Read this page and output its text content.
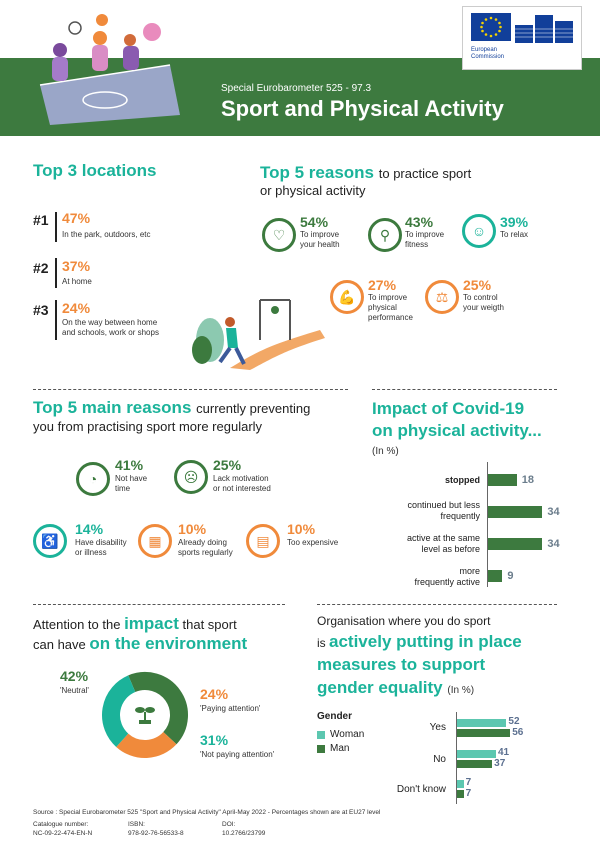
European
Commission
Special Eurobarometer 525 - 97.3
Sport and Physical Activity
Top 3 locations
#1 47%
In the park, outdoors, etc
#2 37%
At home
#3 24%
On the way between home
and schools, work or shops
Top 5 reasons to practice sport
or physical activity
♡
54%
To improve
your health
⚲
43%
To improve
fitness
☺
39%
To relax
💪
27%
To improve
physical
performance
⚖
25%
To control
your weigth
Top 5 main reasons currently preventing
you from practising sport more regularly
◔
41%
Not have
time
☹
25%
Lack motivation
or not interested
♿
14%
Have disability
or illness
▦
10%
Already doing
sports regularly
▤
10%
Too expensive
Impact of Covid-19
on physical activity...
(In %)
stopped	18
continued but less
frequently	34
active at the same
level as before	34
more
frequently active 9
Attention to the impact that sport
can have on the environment
42%
'Neutral'	24%
'Paying attention'
31%
'Not paying attention'
Organisation where you do sport
is actively putting in place
measures to support
gender equality (In %)
Gender
Woman
Man
Yes
52
56
No
41
37
Don't know
7
7
Source : Special Eurobarometer 525 "Sport and Physical Activity" April-May 2022 - Percentages shown are at EU27 level
Catalogue number:
NC-09-22-474-EN-N
ISBN:
978-92-76-56533-8
DOI:
10.2766/23799
